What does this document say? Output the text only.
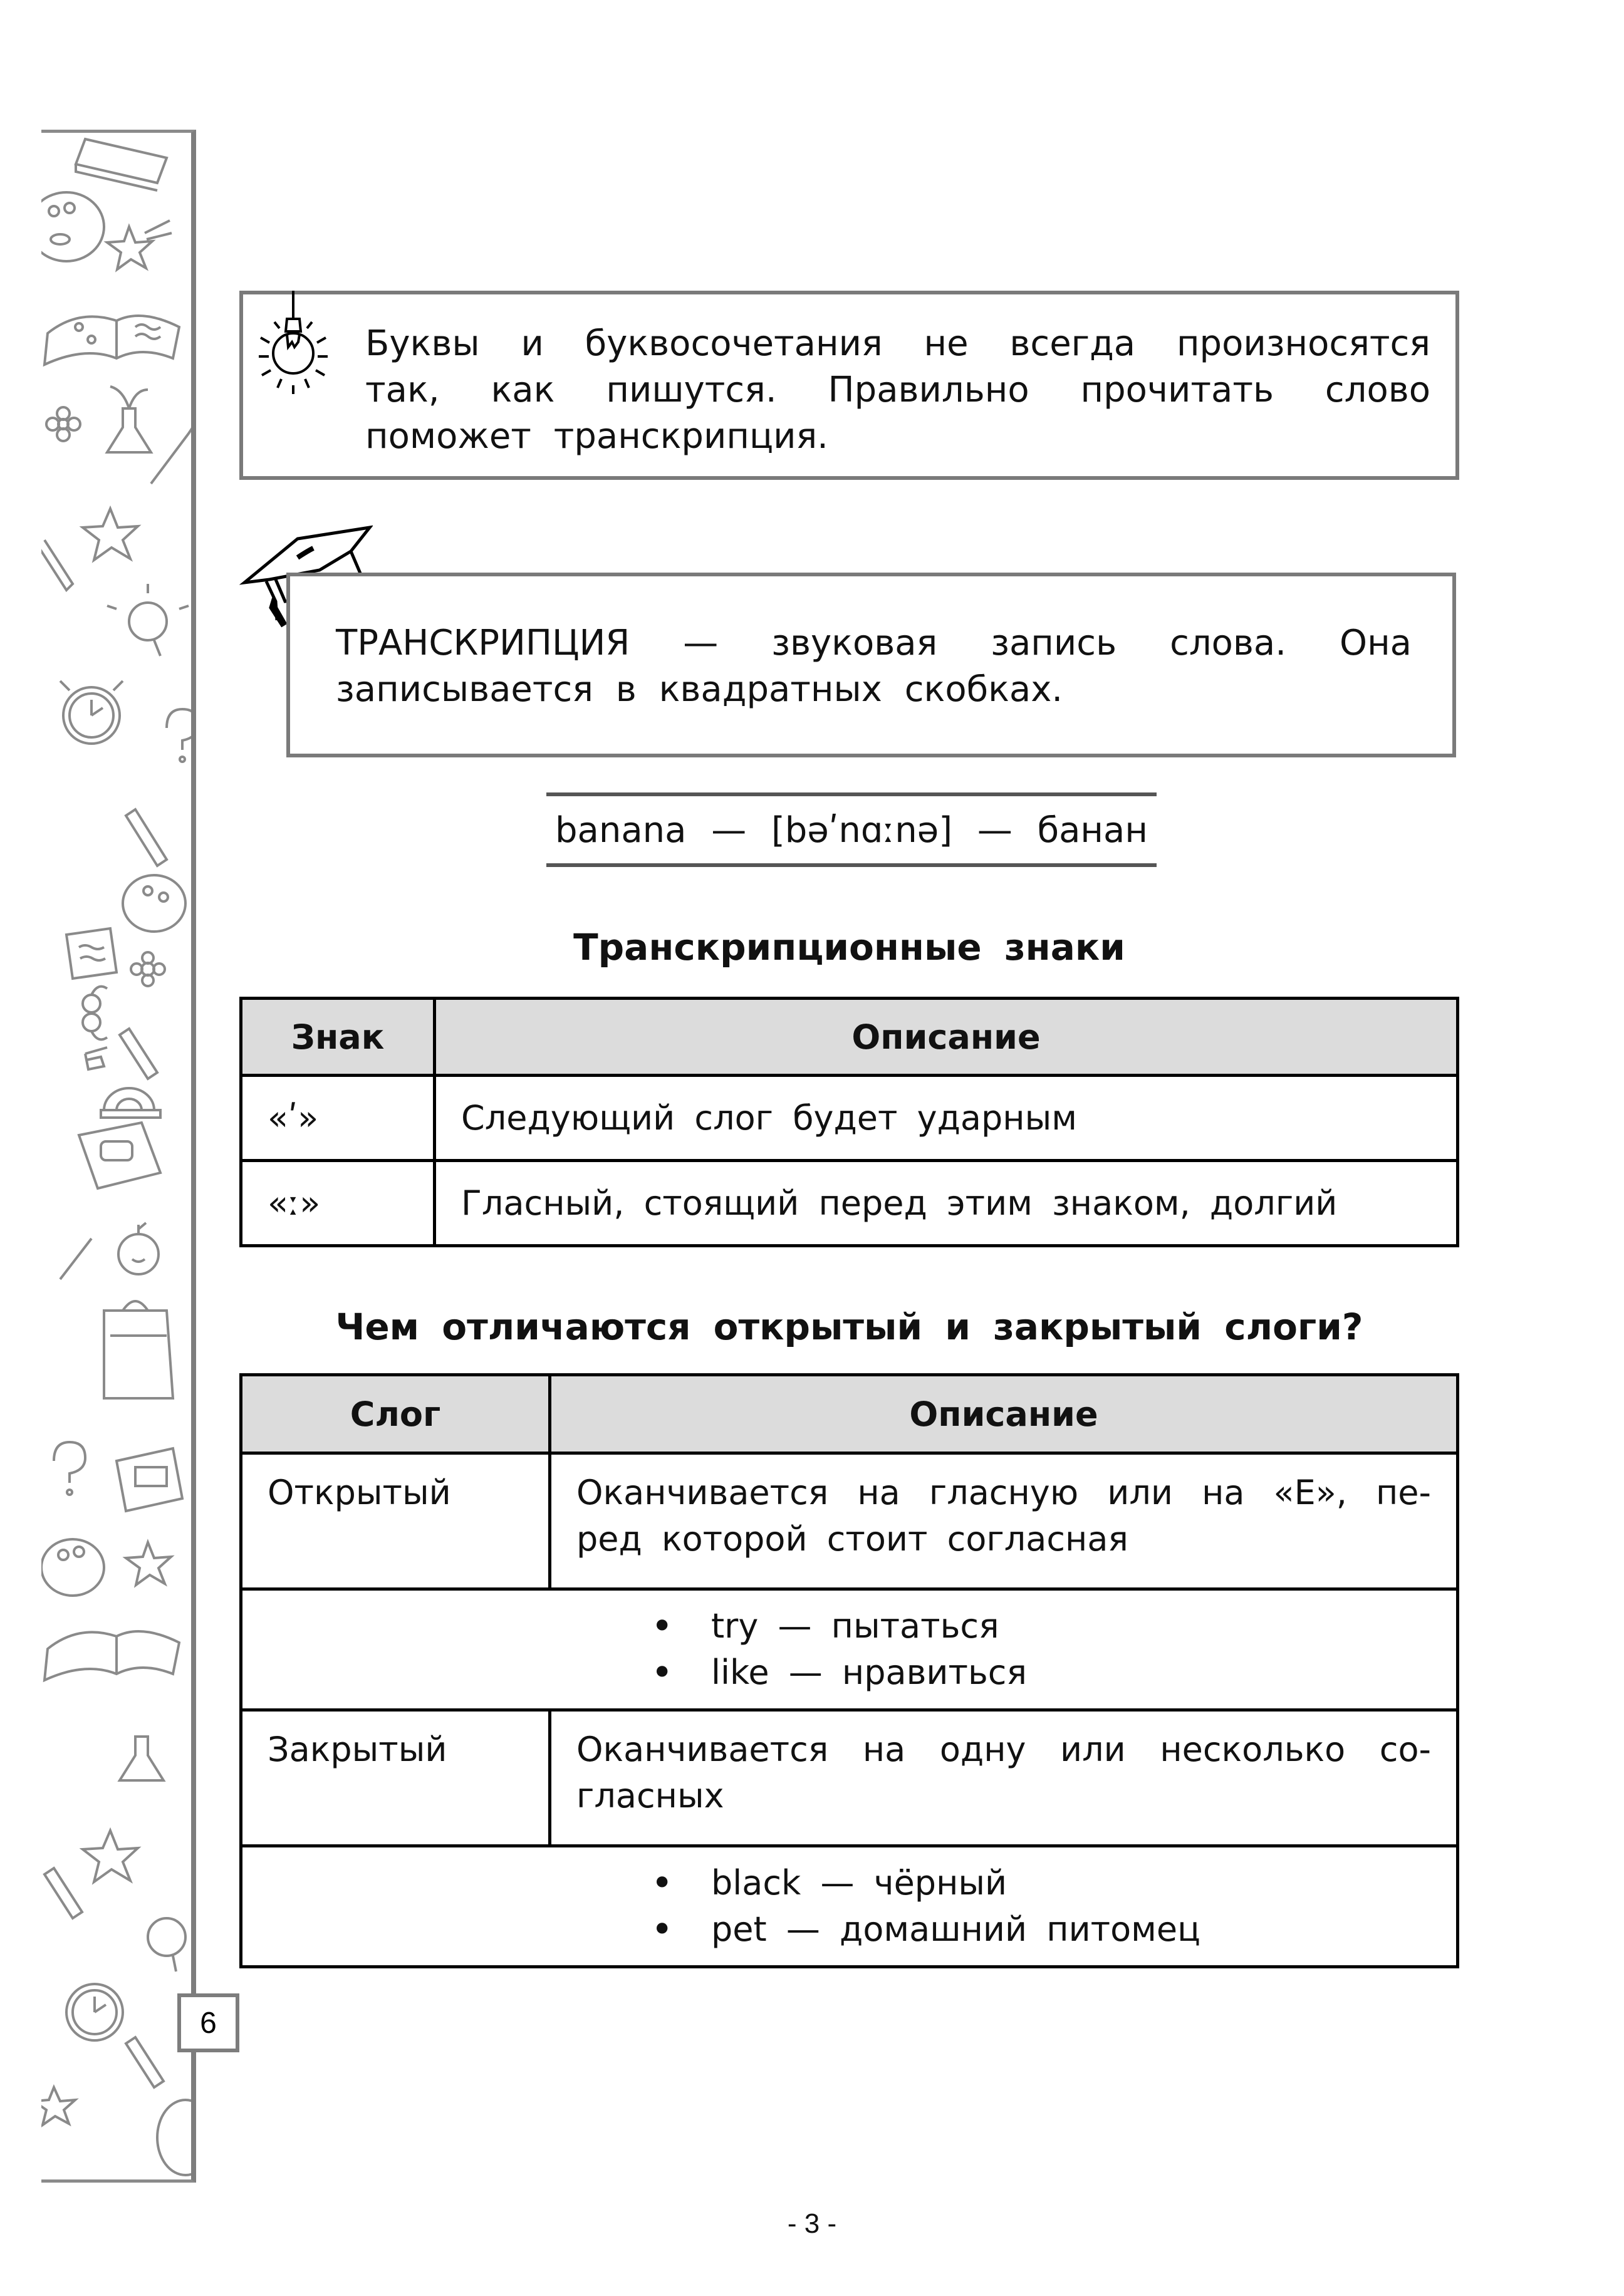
6
Буквы и буквосочетания не всегда произносятся так, как пишутся. Правильно прочитать слово поможет транскрипция.
ТРАНСКРИПЦИЯ — звуковая запись слова. Она записывается в квадратных скобках.
banana — [bəʹnɑːnə] — банан
Транскрипционные знаки
Знак	Описание
«ʹ»	Следующий слог будет ударным
«ː»	Гласный, стоящий перед этим знаком, долгий
Чем отличаются открытый и закрытый слоги?
Слог	Описание
Открытый	Оканчивается на гласную или на «E», пе-ред которой стоит согласная

• try — пытаться
• like — нравиться

Закрытый	Оканчивается на одну или несколько со-гласных

• black — чёрный
• pet — домашний питомец
- 3 -
